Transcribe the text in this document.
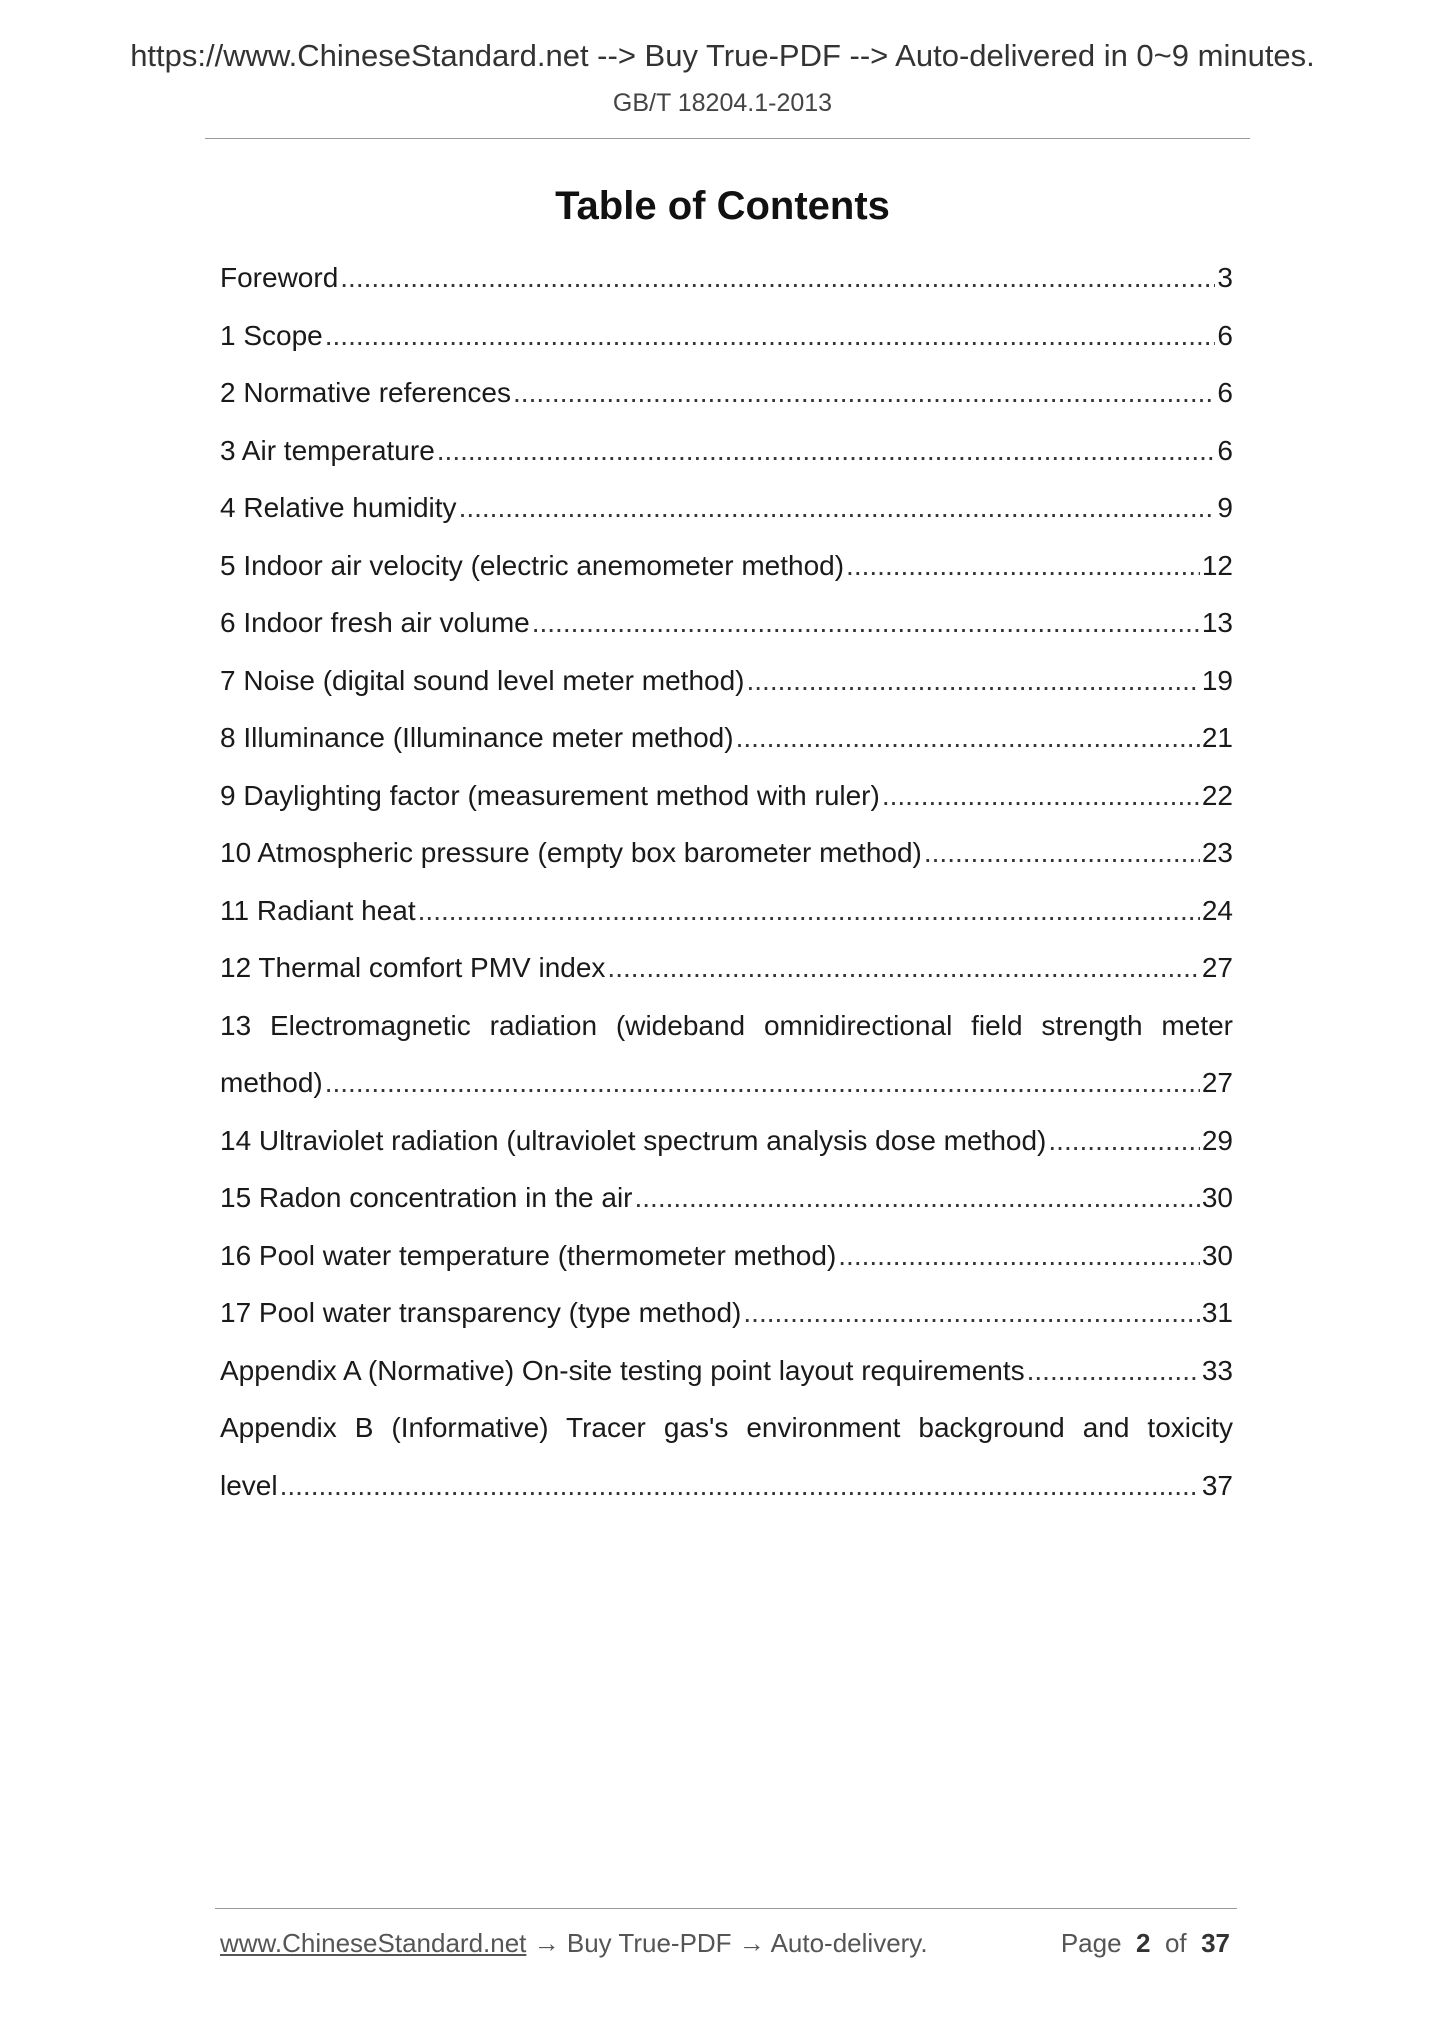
https://www.ChineseStandard.net --> Buy True-PDF --> Auto-delivered in 0~9 minutes.
GB/T 18204.1-2013
Table of Contents
Foreword .....	3
1 Scope .....	6
2 Normative references .....	6
3 Air temperature .....	6
4 Relative humidity .....	9
5 Indoor air velocity (electric anemometer method) .....	12
6 Indoor fresh air volume .....	13
7 Noise (digital sound level meter method) .....	19
8 Illuminance (Illuminance meter method) .....	21
9 Daylighting factor (measurement method with ruler) .....	22
10 Atmospheric pressure (empty box barometer method) .....	23
11 Radiant heat .....	24
12 Thermal comfort PMV index .....	27
13 Electromagnetic radiation (wideband omnidirectional field strength meter
method) .....	27
14 Ultraviolet radiation (ultraviolet spectrum analysis dose method) .....	29
15 Radon concentration in the air .....	30
16 Pool water temperature (thermometer method) .....	30
17 Pool water transparency (type method) .....	31
Appendix A (Normative) On-site testing point layout requirements .....	33
Appendix B (Informative) Tracer gas's environment background and toxicity
level .....	37
www.ChineseStandard.net → Buy True-PDF → Auto-delivery.	Page 2 of 37
